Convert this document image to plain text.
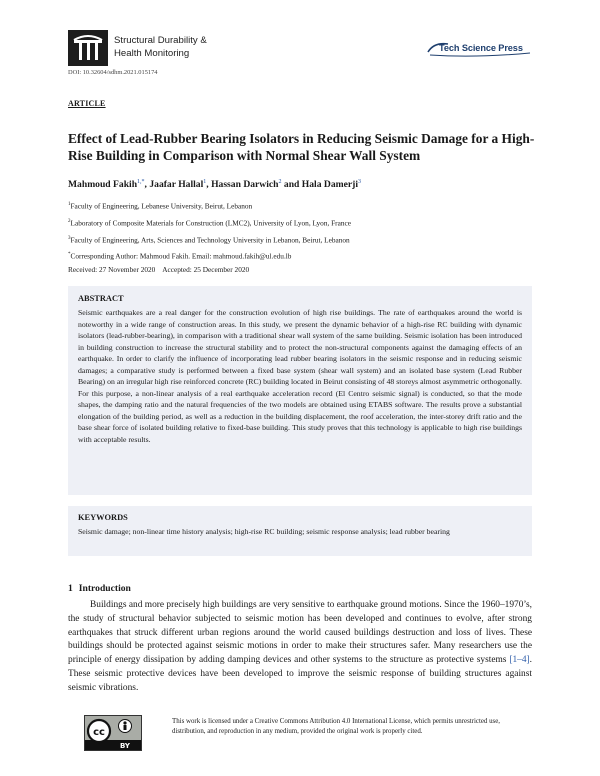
Structural Durability &
Health Monitoring	Tech Science Press
DOI: 10.32604/sdhm.2021.015174
ARTICLE
Effect of Lead-Rubber Bearing Isolators in Reducing Seismic Damage for a High-Rise Building in Comparison with Normal Shear Wall System
Mahmoud Fakih$^{1,*}$, Jaafar Hallal$^1$, Hassan Darwich$^2$ and Hala Damerji$^3$
$^1$Faculty of Engineering, Lebanese University, Beirut, Lebanon
$^2$Laboratory of Composite Materials for Construction (LMC2), University of Lyon, Lyon, France
$^3$Faculty of Engineering, Arts, Sciences and Technology University in Lebanon, Beirut, Lebanon
*Corresponding Author: Mahmoud Fakih. Email: mahmoud.fakih@ul.edu.lb
Received: 27 November 2020    Accepted: 25 December 2020
ABSTRACT
Seismic earthquakes are a real danger for the construction evolution of high rise buildings. The rate of earthquakes around the world is noteworthy in a wide range of construction areas. In this study, we present the dynamic behavior of a high-rise RC building with dynamic isolators (lead-rubber-bearing), in comparison with a traditional shear wall system of the same building. Seismic isolation has been introduced in building construction to increase the structural stability and to protect the non-structural components against the damaging effects of an earthquake. In order to clarify the influence of incorporating lead rubber bearing isolators in the seismic response and in reducing seismic damages; a comparative study is performed between a fixed base system (shear wall system) and an isolated base system (Lead Rubber Bearing) on an irregular high rise reinforced concrete (RC) building located in Beirut consisting of 48 storeys almost asymmetric orthogonally. For this purpose, a non-linear analysis of a real earthquake acceleration record (El Centro seismic signal) is conducted, so that the mode shapes, the damping ratio and the natural frequencies of the two models are obtained using ETABS software. The results prove a substantial elongation of the building period, as well as a reduction in the building displacement, the roof acceleration, the inter-storey drift ratio and the base shear force of isolated building relative to fixed-base building. This study proves that this technology is applicable to high rise buildings with acceptable results.
KEYWORDS
Seismic damage; non-linear time history analysis; high-rise RC building; seismic response analysis; lead rubber bearing
1 Introduction
Buildings and more precisely high buildings are very sensitive to earthquake ground motions. Since the 1960–1970’s, the study of structural behavior subjected to seismic motion has been developed and continues to evolve, after strong earthquakes that struck different urban regions around the world caused buildings destruction and loss of lives. These buildings should be protected against seismic motions in order to make their structures safer. Many researchers use the principle of energy dissipation by adding damping devices and other systems to the structure as protective systems [1–4]. These seismic protective devices have been developed to improve the seismic response of building structures against seismic vibrations.
cc
BY
This work is licensed under a Creative Commons Attribution 4.0 International License, which permits unrestricted use, distribution, and reproduction in any medium, provided the original work is properly cited.
